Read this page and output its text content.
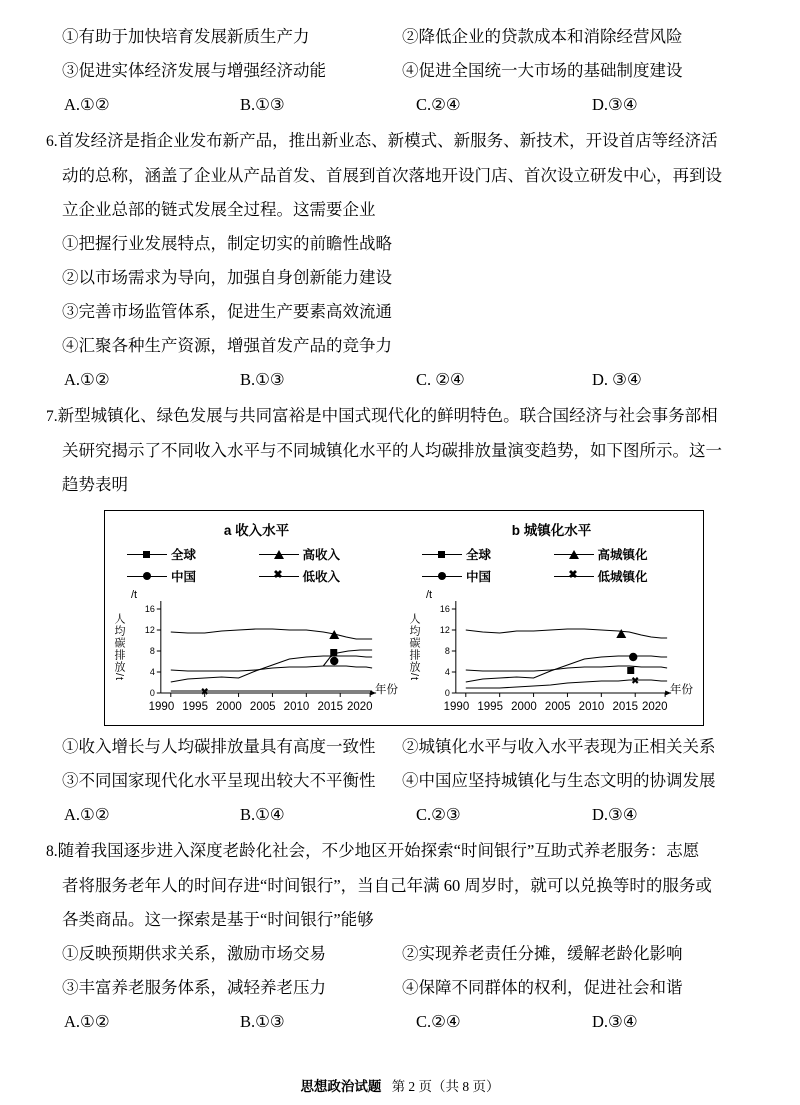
①有助于加快培育发展新质生产力	②降低企业的贷款成本和消除经营风险
③促进实体经济发展与增强经济动能	④促进全国统一大市场的基础制度建设
A.①②	B.①③	C.②④	D.③④
6.首发经济是指企业发布新产品，推出新业态、新模式、新服务、新技术，开设首店等经济活
动的总称，涵盖了企业从产品首发、首展到首次落地开设门店、首次设立研发中心，再到设
立企业总部的链式发展全过程。这需要企业
①把握行业发展特点，制定切实的前瞻性战略
②以市场需求为导向，加强自身创新能力建设
③完善市场监管体系，促进生产要素高效流通
④汇聚各种生产资源，增强首发产品的竞争力
A.①②	B.①③	C. ②④	D. ③④
7.新型城镇化、绿色发展与共同富裕是中国式现代化的鲜明特色。联合国经济与社会事务部相
关研究揭示了不同收入水平与不同城镇化水平的人均碳排放量演变趋势，如下图所示。这一
趋势表明
a 收入水平
全球	高收入
中国	✖ 低收入
人均碳排放/t
0
4
8
12
16
✖
/t
年份
1990 1995 2000 2005 2010 2015 2020
b 城镇化水平
全球	高城镇化
中国	✖ 低城镇化
人均碳排放/t
0
4
8
12
16
✖
/t
年份
1990 1995 2000 2005 2010 2015 2020
①收入增长与人均碳排放量具有高度一致性	②城镇化水平与收入水平表现为正相关关系
③不同国家现代化水平呈现出较大不平衡性	④中国应坚持城镇化与生态文明的协调发展
A.①②	B.①④	C.②③	D.③④
8.随着我国逐步进入深度老龄化社会，不少地区开始探索“时间银行”互助式养老服务：志愿
者将服务老年人的时间存进“时间银行”，当自己年满 60 周岁时，就可以兑换等时的服务或
各类商品。这一探索是基于“时间银行”能够
①反映预期供求关系，激励市场交易	②实现养老责任分摊，缓解老龄化影响
③丰富养老服务体系，减轻养老压力	④保障不同群体的权利，促进社会和谐
A.①②	B.①③	C.②④	D.③④
思想政治试题 第 2 页（共 8 页）
